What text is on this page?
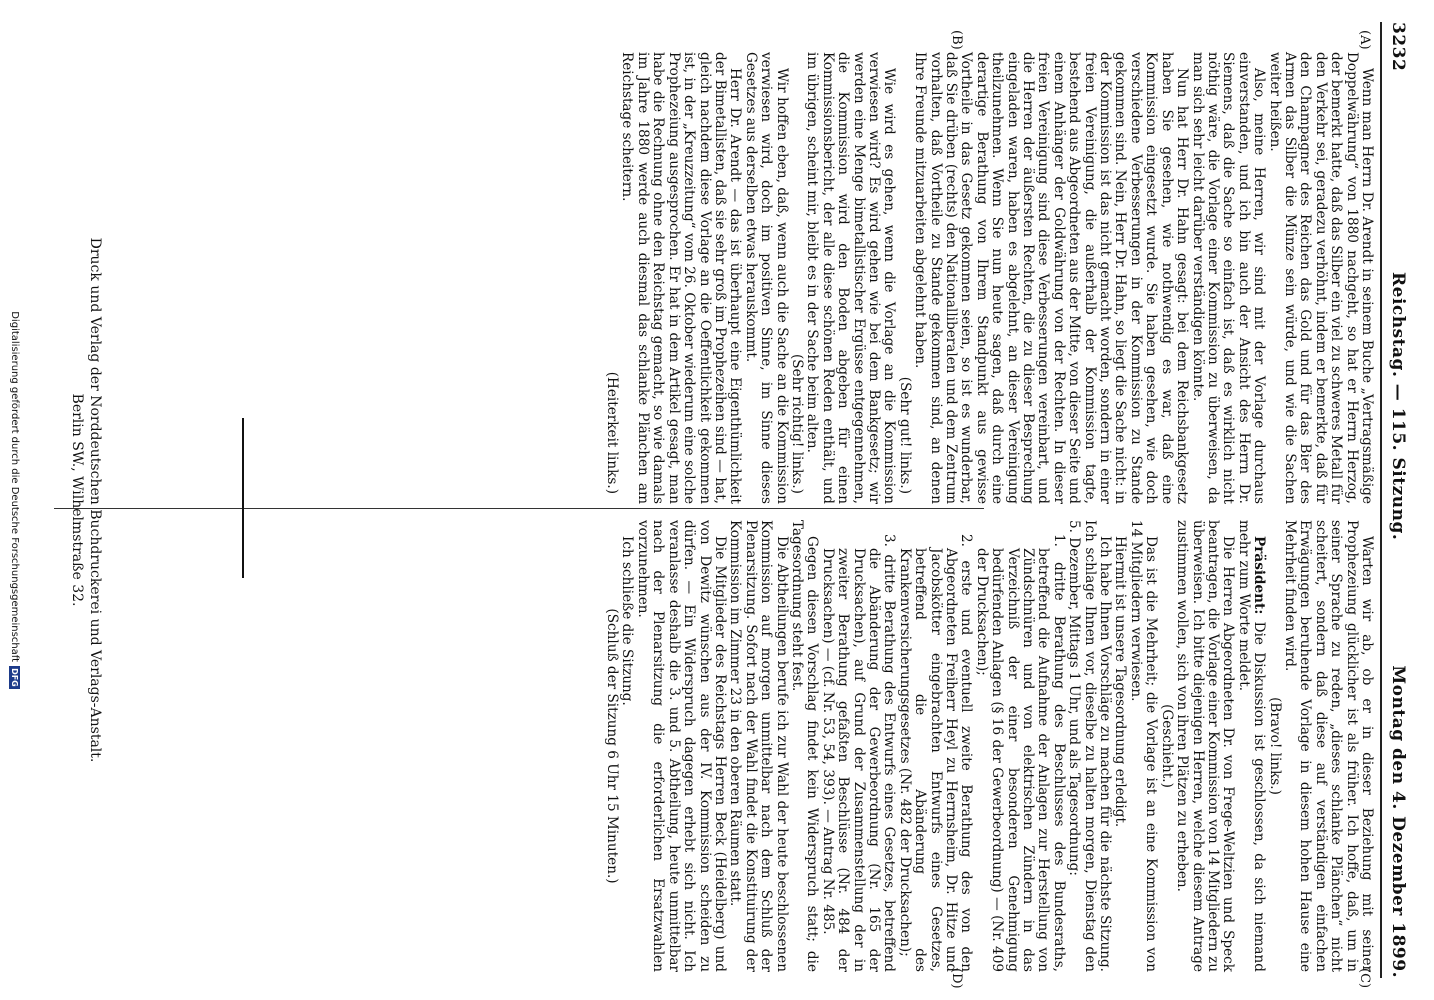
3232
Reichstag. — 115. Sitzung.
Montag den 4. Dezember 1899.
(A)
(B)
(C)
(D)

Wenn man Herrn Dr. Arendt in seinem Buche „Vertragsmäßige Doppelwährung“ von 1880 nachgeht, so hat er Herrn Herzog, der bemerkt hatte, daß das Silber ein viel zu schweres Metall für den Verkehr sei, geradezu verhöhnt, indem er bemerkte, daß für den Champagner des Reichen das Gold und für das Bier des Armen das Silber die Münze sein würde, und wie die Sachen weiter heißen.

Also, meine Herren, wir sind mit der Vorlage durchaus einverstanden, und ich bin auch der Ansicht des Herrn Dr. Siemens, daß die Sache so einfach ist, daß es wirklich nicht nöthig wäre, die Vorlage einer Kommission zu überweisen, da man sich sehr leicht darüber verständigen könnte.

Nun hat Herr Dr. Hahn gesagt: bei dem Reichsbankgesetz haben Sie gesehen, wie nothwendig es war, daß eine Kommission eingesetzt wurde. Sie haben gesehen, wie doch verschiedene Verbesserungen in der Kommission zu Stande gekommen sind. Nein, Herr Dr. Hahn, so liegt die Sache nicht: in der Kommission ist das nicht gemacht worden, sondern in einer freien Vereinigung, die außerhalb der Kommission tagte, bestehend aus Abgeordneten aus der Mitte, von dieser Seite und einem Anhänger der Goldwährung von der Rechten. In dieser freien Vereinigung sind diese Verbesserungen vereinbart, und die Herren der äußersten Rechten, die zu dieser Besprechung eingeladen waren, haben es abgelehnt, an dieser Vereinigung theilzunehmen. Wenn Sie nun heute sagen, daß durch eine derartige Berathung von Ihrem Standpunkt aus gewisse Vortheile in das Gesetz gekommen seien, so ist es wunderbar, daß Sie drüben (rechts) den Nationalliberalen und dem Zentrum vorhalten, daß Vortheile zu Stande gekommen sind, an denen Ihre Freunde mitzuarbeiten abgelehnt haben.

(Sehr gut! links.)

Wie wird es gehen, wenn die Vorlage an die Kommission verwiesen wird? Es wird gehen wie bei dem Bankgesetz; wir werden eine Menge bimetallistischer Ergüsse entgegennehmen, die Kommission wird den Boden abgeben für einen Kommissionsbericht, der alle diese schönen Reden enthält, und im übrigen, scheint mir, bleibt es in der Sache beim alten.

(Sehr richtig! links.)

Wir hoffen eben, daß, wenn auch die Sache an die Kommission verwiesen wird, doch im positiven Sinne, im Sinne dieses Gesetzes aus derselben etwas herauskommt.

Herr Dr. Arendt — das ist überhaupt eine Eigenthümlichkeit der Bimetallisten, daß sie sehr groß im Prophezeihen sind — hat, gleich nachdem diese Vorlage an die Oeffentlichkeit gekommen ist, in der „Kreuzzeitung“ vom 26. Oktober wiederum eine solche Prophezeiung ausgesprochen. Er hat in dem Artikel gesagt, man habe die Rechnung ohne den Reichstag gemacht, so wie damals im Jahre 1880 werde auch diesmal das schlanke Plänchen am Reichstage scheitern.

(Heiterkeit links.)

Warten wir ab, ob er in dieser Beziehung mit seiner Prophezeiung glücklicher ist als früher. Ich hoffe, daß, um in seiner Sprache zu reden, „dieses schlanke Plänchen“ nicht scheitert, sondern daß diese auf verständigen einfachen Erwägungen beruhende Vorlage in diesem hohen Hause eine Mehrheit finden wird.

(Bravo! links.)

Präsident: Die Diskussion ist geschlossen, da sich niemand mehr zum Worte meldet.

Die Herren Abgeordneten Dr. von Frege-Weltzien und Speck beantragen, die Vorlage einer Kommission von 14 Mitgliedern zu überweisen. Ich bitte diejenigen Herren, welche diesem Antrage zustimmen wollen, sich von ihren Plätzen zu erheben.

(Geschieht.)

Das ist die Mehrheit; die Vorlage ist an eine Kommission von 14 Mitgliedern verwiesen.

Hiermit ist unsere Tagesordnung erledigt.

Ich habe Ihnen Vorschläge zu machen für die nächste Sitzung. Ich schlage Ihnen vor, dieselbe zu halten morgen, Dienstag den 5. Dezember, Mittags 1 Uhr, und als Tagesordnung:

1. dritte Berathung des Beschlusses des Bundesraths, betreffend die Aufnahme der Anlagen zur Herstellung von Zündschnüren und von elektrischen Zündern in das Verzeichniß der einer besonderen Genehmigung bedürfenden Anlagen (§ 16 der Gewerbeordnung) — (Nr. 409 der Drucksachen);

2. erste und eventuell zweite Berathung des von den Abgeordneten Freiherr Heyl zu Herrnsheim, Dr. Hitze und Jacobskötter eingebrachten Entwurfs eines Gesetzes, betreffend die Abänderung des Krankenversicherungsgesetzes (Nr. 482 der Drucksachen);

3. dritte Berathung des Entwurfs eines Gesetzes, betreffend die Abänderung der Gewerbeordnung (Nr. 165 der Drucksachen), auf Grund der Zusammenstellung der in zweiter Berathung gefaßten Beschlüsse (Nr. 484 der Drucksachen) — (cf. Nr. 53, 54, 393). — Antrag Nr. 485.

Gegen diesen Vorschlag findet kein Widerspruch statt; die Tagesordnung steht fest.

Die Abtheilungen berufe ich zur Wahl der heute beschlossenen Kommission auf morgen unmittelbar nach dem Schluß der Plenarsitzung. Sofort nach der Wahl findet die Konstituirung der Kommission im Zimmer 23 in den oberen Räumen statt.

Die Mitglieder des Reichstags Herren Beck (Heidelberg) und von Dewitz wünschen aus der IV. Kommission scheiden zu dürfen. — Ein Widerspruch dagegen erhebt sich nicht. Ich veranlasse deshalb die 3. und 5. Abtheilung, heute unmittelbar nach der Plenarsitzung die erforderlichen Ersatzwahlen vorzunehmen.

Ich schließe die Sitzung.

(Schluß der Sitzung 6 Uhr 15 Minuten.)

Druck und Verlag der Norddeutschen Buchdruckerei und Verlags-Anstalt.
Berlin SW., Wilhelmstraße 32.
Digitalisierung gefördert durch die Deutsche ForschungsgemeinschaftDFG
